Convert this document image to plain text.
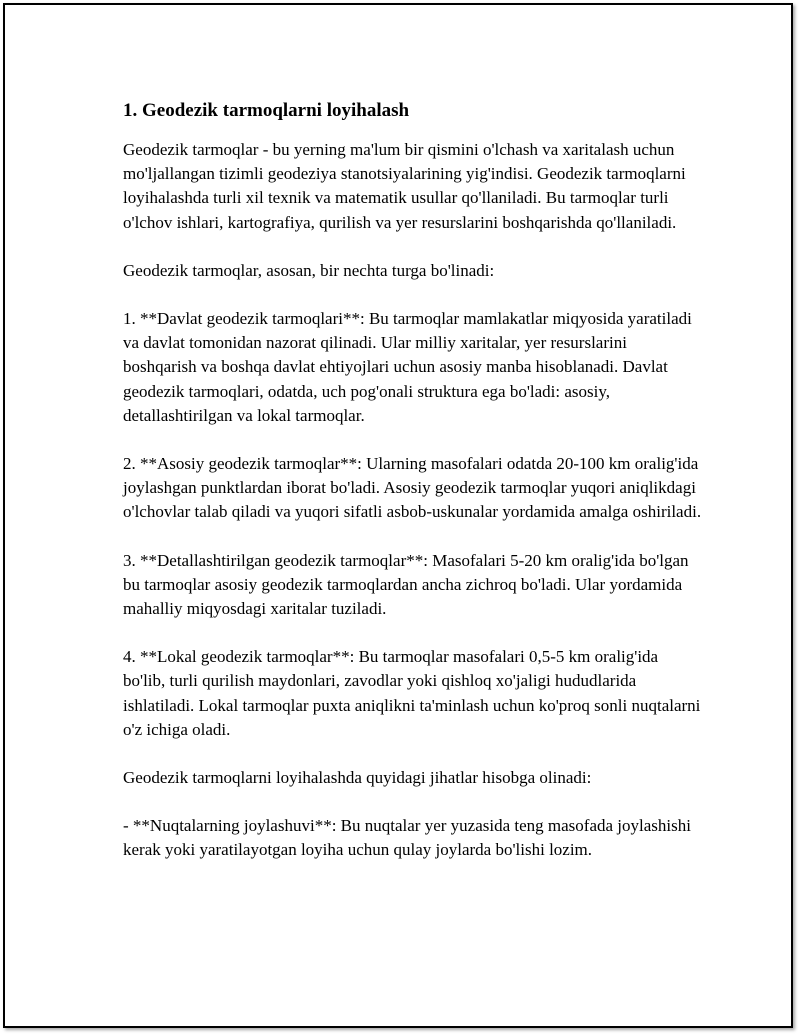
1. Geodezik tarmoqlarni loyihalash

Geodezik tarmoqlar - bu yerning ma'lum bir qismini o'lchash va xaritalash uchun mo'ljallangan tizimli geodeziya stanotsiyalarining yig'indisi. Geodezik tarmoqlarni loyihalashda turli xil texnik va matematik usullar qo'llaniladi. Bu tarmoqlar turli o'lchov ishlari, kartografiya, qurilish va yer resurslarini boshqarishda qo'llaniladi.

Geodezik tarmoqlar, asosan, bir nechta turga bo'linadi:

1. **Davlat geodezik tarmoqlari**: Bu tarmoqlar mamlakatlar miqyosida yaratiladi va davlat tomonidan nazorat qilinadi. Ular milliy xaritalar, yer resurslarini boshqarish va boshqa davlat ehtiyojlari uchun asosiy manba hisoblanadi. Davlat geodezik tarmoqlari, odatda, uch pog'onali struktura ega bo'ladi: asosiy, detallashtirilgan va lokal tarmoqlar.

2. **Asosiy geodezik tarmoqlar**: Ularning masofalari odatda 20-100 km oralig'ida joylashgan punktlardan iborat bo'ladi. Asosiy geodezik tarmoqlar yuqori aniqlikdagi o'lchovlar talab qiladi va yuqori sifatli asbob-uskunalar yordamida amalga oshiriladi.

3. **Detallashtirilgan geodezik tarmoqlar**: Masofalari 5-20 km oralig'ida bo'lgan bu tarmoqlar asosiy geodezik tarmoqlardan ancha zichroq bo'ladi. Ular yordamida mahalliy miqyosdagi xaritalar tuziladi.

4. **Lokal geodezik tarmoqlar**: Bu tarmoqlar masofalari 0,5-5 km oralig'ida bo'lib, turli qurilish maydonlari, zavodlar yoki qishloq xo'jaligi hududlarida ishlatiladi. Lokal tarmoqlar puxta aniqlikni ta'minlash uchun ko'proq sonli nuqtalarni o'z ichiga oladi.

Geodezik tarmoqlarni loyihalashda quyidagi jihatlar hisobga olinadi:

- **Nuqtalarning joylashuvi**: Bu nuqtalar yer yuzasida teng masofada joylashishi kerak yoki yaratilayotgan loyiha uchun qulay joylarda bo'lishi lozim.
